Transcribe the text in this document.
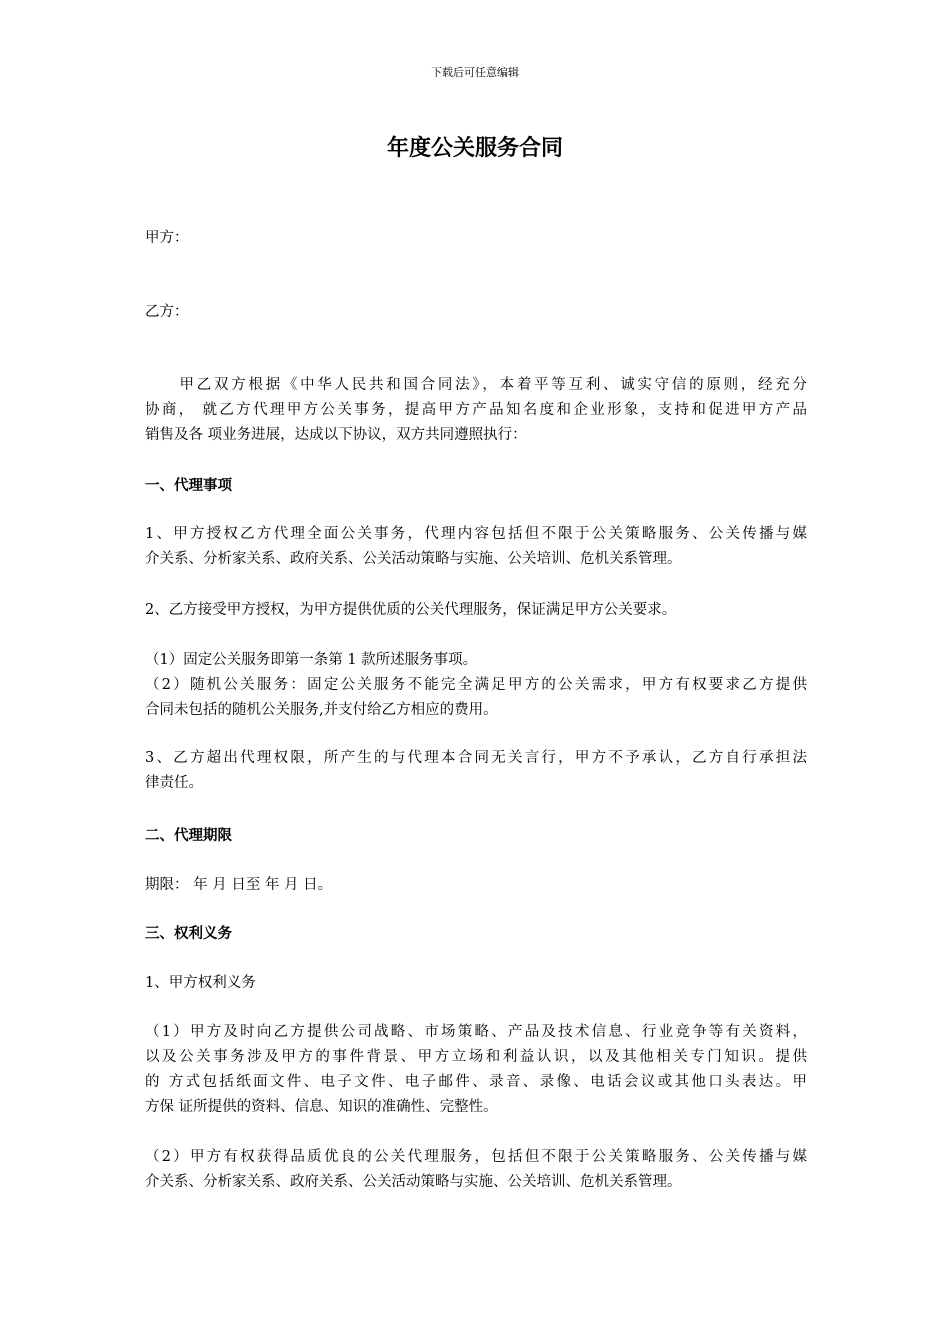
下载后可任意编辑
年度公关服务合同
甲方：
乙方：
　　甲乙双方根据《中华人民共和国合同法》，本着平等互利、诚实守信的原则，经充分
协商， 就乙方代理甲方公关事务，提高甲方产品知名度和企业形象，支持和促进甲方产品
销售及各 项业务进展，达成以下协议，双方共同遵照执行：
一、代理事项
1、甲方授权乙方代理全面公关事务，代理内容包括但不限于公关策略服务、公关传播与媒
介关系、分析家关系、政府关系、公关活动策略与实施、公关培训、危机关系管理。
2、乙方接受甲方授权，为甲方提供优质的公关代理服务，保证满足甲方公关要求。
（1）固定公关服务即第一条第 1 款所述服务事项。
（2）随机公关服务：固定公关服务不能完全满足甲方的公关需求，甲方有权要求乙方提供
合同未包括的随机公关服务,并支付给乙方相应的费用。
3、乙方超出代理权限，所产生的与代理本合同无关言行，甲方不予承认，乙方自行承担法
律责任。
二、代理期限
期限： 年 月 日至 年 月 日。
三、权利义务
1、甲方权利义务
（1）甲方及时向乙方提供公司战略、市场策略、产品及技术信息、行业竞争等有关资料，
以及公关事务涉及甲方的事件背景、甲方立场和利益认识，以及其他相关专门知识。提供
的 方式包括纸面文件、电子文件、电子邮件、录音、录像、电话会议或其他口头表达。甲
方保 证所提供的资料、信息、知识的准确性、完整性。
（2）甲方有权获得品质优良的公关代理服务，包括但不限于公关策略服务、公关传播与媒
介关系、分析家关系、政府关系、公关活动策略与实施、公关培训、危机关系管理。
